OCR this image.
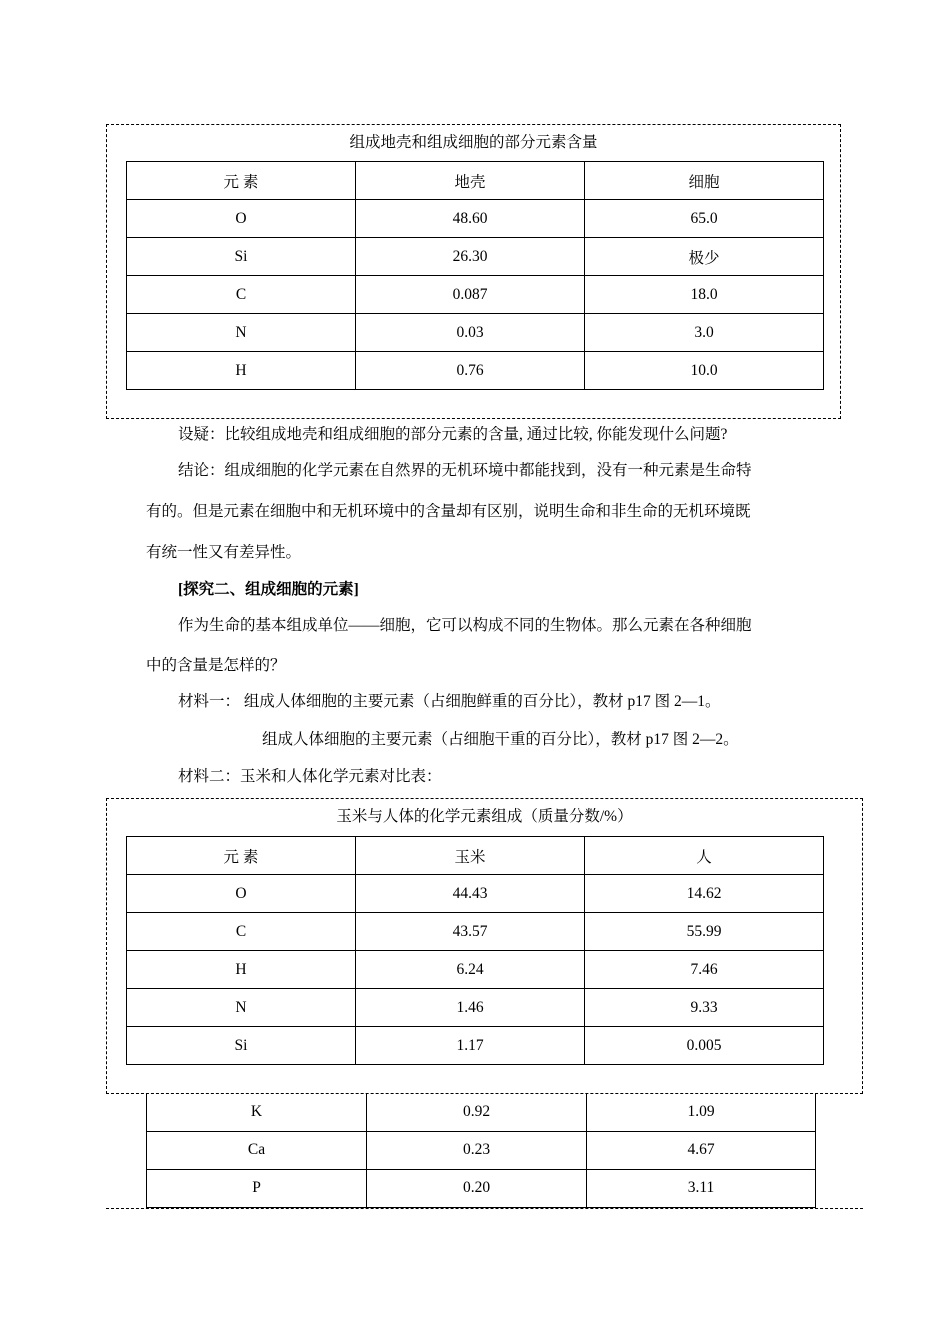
组成地壳和组成细胞的部分元素含量
元 素	地壳	细胞
O	48.60	65.0
Si	26.30	极少
C	0.087	18.0
N	0.03	3.0
H	0.76	10.0
设疑：比较组成地壳和组成细胞的部分元素的含量, 通过比较, 你能发现什么问题?
结论：组成细胞的化学元素在自然界的无机环境中都能找到，没有一种元素是生命特
有的。但是元素在细胞中和无机环境中的含量却有区别，说明生命和非生命的无机环境既
有统一性又有差异性。
[探究二、组成细胞的元素]
作为生命的基本组成单位——细胞，它可以构成不同的生物体。那么元素在各种细胞
中的含量是怎样的？
材料一： 组成人体细胞的主要元素（占细胞鲜重的百分比），教材 p17 图 2—1。
组成人体细胞的主要元素（占细胞干重的百分比），教材 p17 图 2—2。
材料二：玉米和人体化学元素对比表：
玉米与人体的化学元素组成（质量分数/%）
元 素	玉米	人
O	44.43	14.62
C	43.57	55.99
H	6.24	7.46
N	1.46	9.33
Si	1.17	0.005
K	0.92	1.09
Ca	0.23	4.67
P	0.20	3.11
